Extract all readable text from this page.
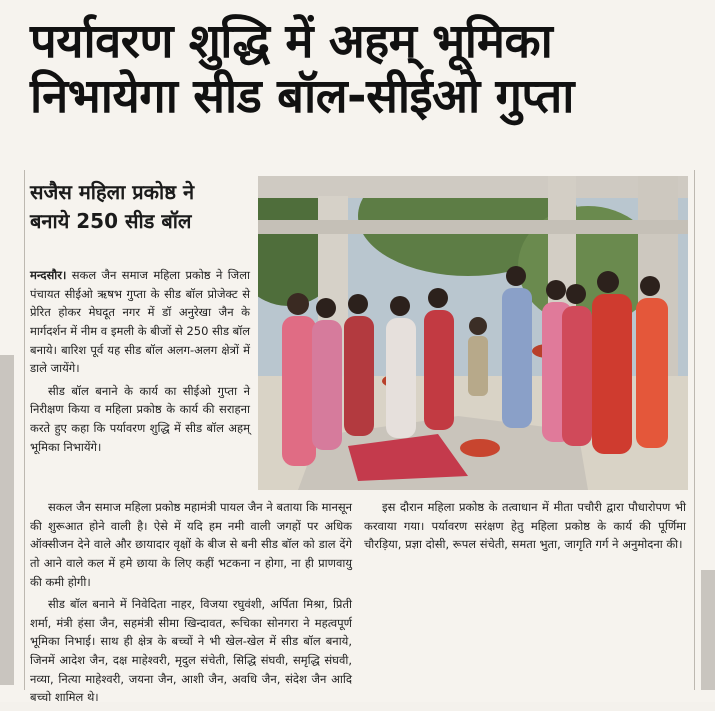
पर्यावरण शुद्धि में अहम् भूमिका
निभायेगा सीड बॉल-सीईओ गुप्ता
सजैस महिला प्रकोष्ठ ने
बनाये 250 सीड बॉल

मन्दसौर। सकल जैन समाज महिला प्रकोष्ठ ने जिला पंचायत सीईओ ऋषभ गुप्ता के सीड बॉल प्रोजेक्ट से प्रेरित होकर मेघदूत नगर में डॉ अनुरेखा जैन के मार्गदर्शन में नीम व इमली के बीजों से 250 सीड बॉल बनाये। बारिश पूर्व यह सीड बॉल अलग-अलग क्षेत्रों में डाले जायेंगे।

सीड बॉल बनाने के कार्य का सीईओ गुप्ता ने निरीक्षण किया व महिला प्रकोष्ठ के कार्य की सराहना करते हुए कहा कि पर्यावरण शुद्धि में सीड बॉल अहम् भूमिका निभायेंगे।

सकल जैन समाज महिला प्रकोष्ठ महामंत्री पायल जैन ने बताया कि मानसून की शुरूआत होने वाली है। ऐसे में यदि हम नमी वाली जगहों पर अधिक ऑक्सीजन देने वाले और छायादार वृक्षों के बीज से बनी सीड बॉल को डाल देंगे तो आने वाले कल में हमे छाया के लिए कहीं भटकना न होगा, ना ही प्राणवायु की कमी होगी।

सीड बॉल बनाने में निवेदिता नाहर, विजया रघुवंशी, अर्पिता मिश्रा, प्रिती शर्मा, मंत्री हंसा जैन, सहमंत्री सीमा खिन्दावत, रूचिका सोनगरा ने महत्वपूर्ण भूमिका निभाई। साथ ही क्षेत्र के बच्चों ने भी खेल-खेल में सीड बॉल बनाये, जिनमें आदेश जैन, दक्ष माहेश्वरी, मृदुल संचेती, सिद्धि संघवी, समृद्धि संघवी, नव्या, नित्या माहेश्वरी, जयना जैन, आशी जैन, अवधि जैन, संदेश जैन आदि बच्चो शामिल थे।

इस दौरान महिला प्रकोष्ठ के तत्वाधान में मीता पचौरी द्वारा पौधारोपण भी करवाया गया। पर्यावरण सरंक्षण हेतु महिला प्रकोष्ठ के कार्य की पूर्णिमा चौरड़िया, प्रज्ञा दोसी, रूपल संचेती, समता भुता, जागृति गर्ग ने अनुमोदना की।
